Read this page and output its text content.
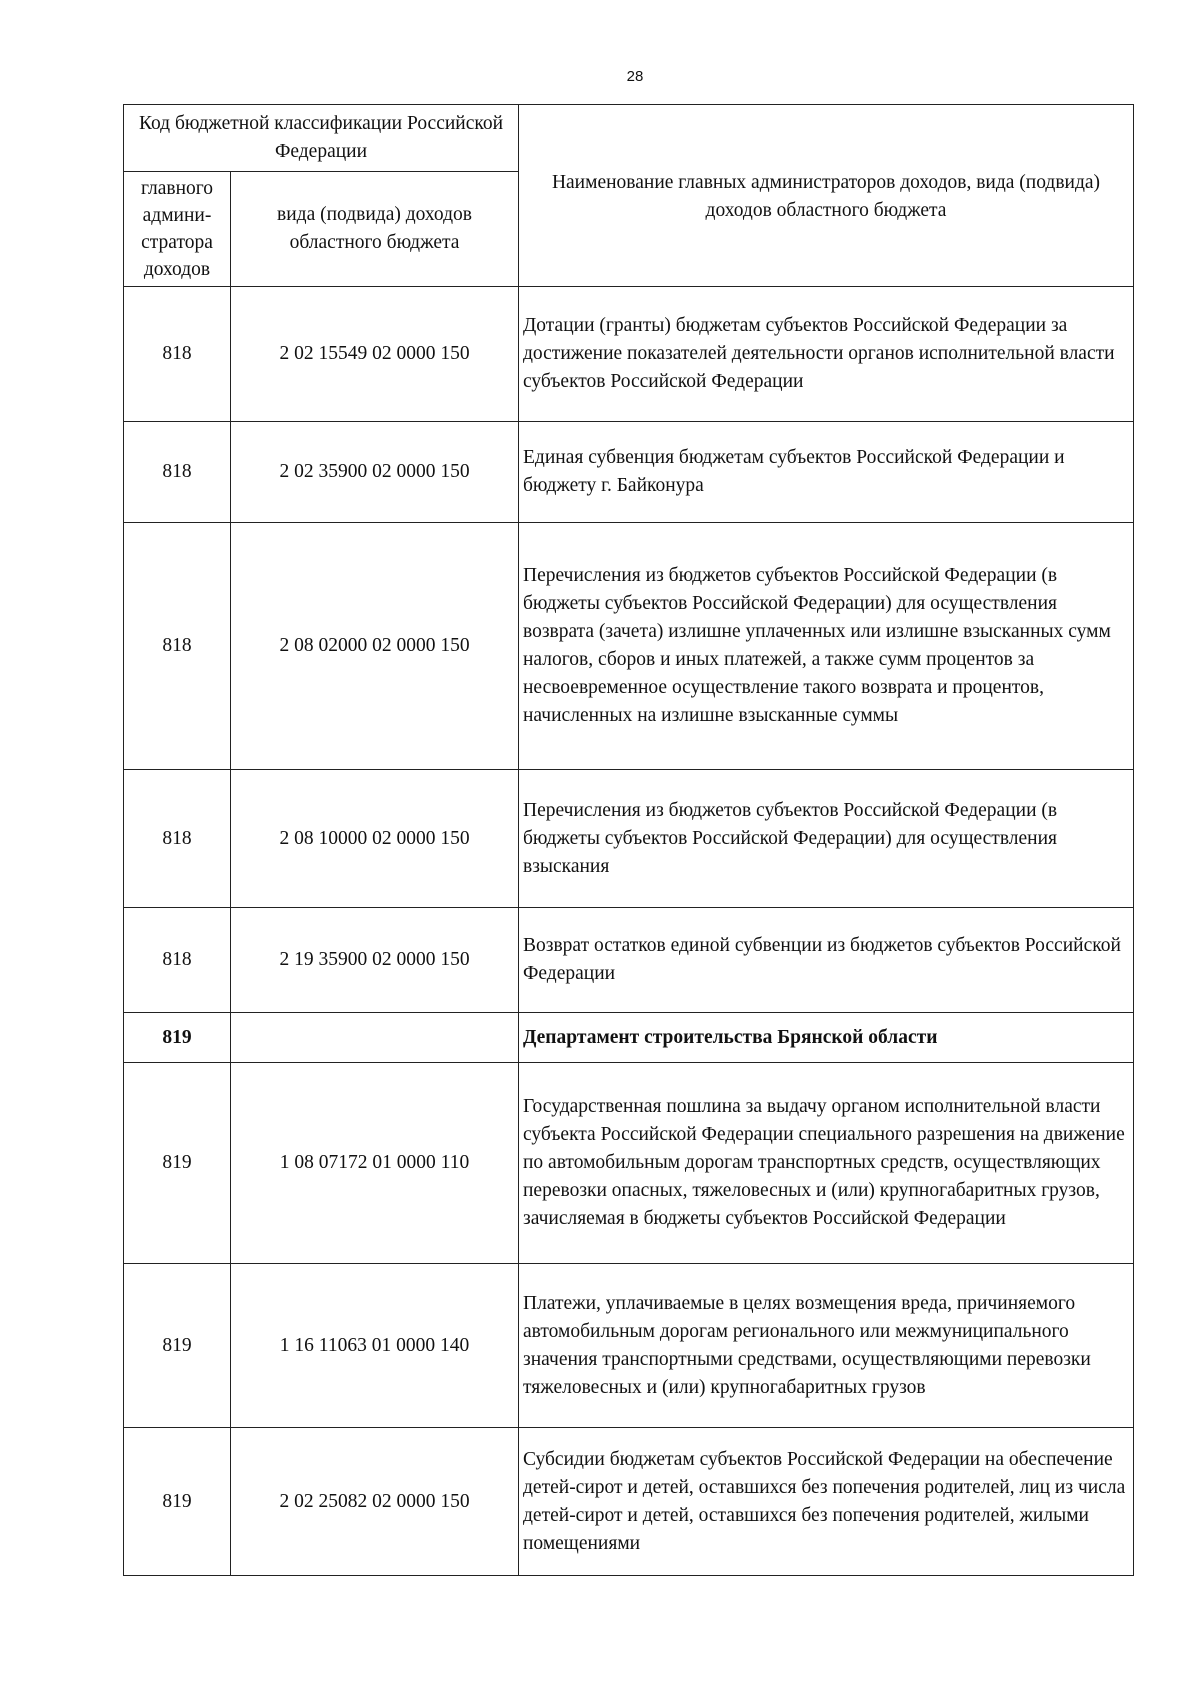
28
Код бюджетной классификации Российской Федерации		Наименование главных администраторов доходов, вида (подвида) доходов областного бюджета
главного админи-стратора доходов	вида (подвида) доходов областного бюджета	
818	2 02 15549 02 0000 150	Дотации (гранты) бюджетам субъектов Российской Федерации за достижение показателей деятельности органов исполнительной власти субъектов Российской Федерации
818	2 02 35900 02 0000 150	Единая субвенция бюджетам субъектов Российской Федерации и бюджету г. Байконура
818	2 08 02000 02 0000 150	Перечисления из бюджетов субъектов Российской Федерации (в бюджеты субъектов Российской Федерации) для осуществления возврата (зачета) излишне уплаченных или излишне взысканных сумм налогов, сборов и иных платежей, а также сумм процентов за несвоевременное осуществление такого возврата и процентов, начисленных на излишне взысканные суммы
818	2 08 10000 02 0000 150	Перечисления из бюджетов субъектов Российской Федерации (в бюджеты субъектов Российской Федерации) для осуществления взыскания
818	2 19 35900 02 0000 150	Возврат остатков единой субвенции из бюджетов субъектов Российской Федерации
819		Департамент строительства Брянской области
819	1 08 07172 01 0000 110	Государственная пошлина за выдачу органом исполнительной власти субъекта Российской Федерации специального разрешения на движение по автомобильным дорогам транспортных средств, осуществляющих перевозки опасных, тяжеловесных и (или) крупногабаритных грузов, зачисляемая в бюджеты субъектов Российской Федерации
819	1 16 11063 01 0000 140	Платежи, уплачиваемые в целях возмещения вреда, причиняемого автомобильным дорогам регионального или межмуниципального значения транспортными средствами, осуществляющими перевозки тяжеловесных и (или) крупногабаритных грузов
819	2 02 25082 02 0000 150	Субсидии бюджетам субъектов Российской Федерации на обеспечение детей-сирот и детей, оставшихся без попечения родителей, лиц из числа детей-сирот и детей, оставшихся без попечения родителей, жилыми помещениями
